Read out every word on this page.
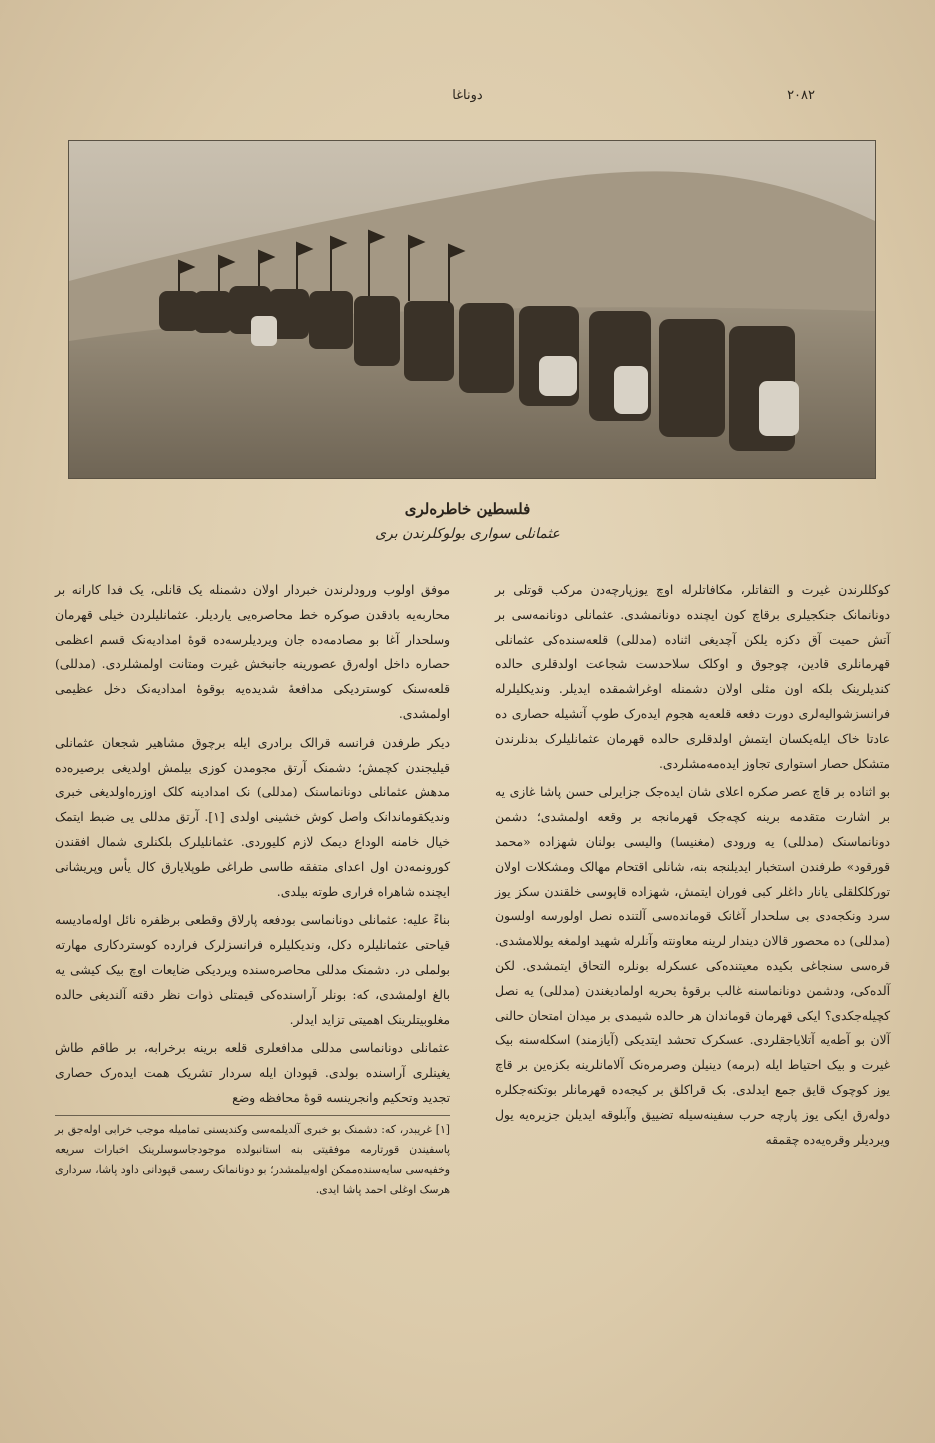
٢٠٨٢
دوناغا
فلسطين خاطرەلری
عثمانلی سواری بولوکلرندن بری

کوکللرندن غیرت و التفاتلر، مکافاتلرلە اوچ یوزپارچەدن مرکب قوتلی بر دونانمانک جنکجیلری برقاچ کون ایچندە دونانمشدی. عثمانلی دونانمەسی بر آتش حمیت آق دکزە یلکن آچدیغی اثنادە (مدللی) قلعەسندەکی عثمانلی قهرمانلری قادین، چوجوق و اوکلک سلاحدست شجاعت اولدقلری حالدە کندیلرینک بلکە اون مثلی اولان دشمنلە اوغراشمقدە ایدیلر. وندیکلیلرلە فرانسزشوالیەلری دورت دفعە قلعەیە هجوم ایدەرک طوپ آتشیلە حصاری دە عادتا خاک ایلەیکسان ایتمش اولدقلری حالدە قهرمان عثمانلیلرک بدنلرندن متشکل حصار استواری تجاوز ایدەمەمشلردی.

بو اثنادە بر قاچ عصر صکرە اعلای شان ایدەجک جزایرلی حسن پاشا غازی یە بر اشارت متقدمە برینە کچەجک قهرمانجە بر وقعە اولمشدی؛ دشمن دونانماسنک (مدللی) یە ورودی (مغنیسا) والیسی بولنان شهزادە «محمد قورقود» طرفندن استخبار ایدیلنجە بنە، شانلی اقتحام مهالک ومشکلات اولان تورکلکلقلی یانار داغلر کبی فوران ایتمش، شهزادە قاپوسی خلقندن سکز یوز سرد ونکجەدی بی سلحدار آغانک قوماندەسی آلتندە نصل اولورسە اولسون (مدللی) دە محصور قالان دیندار لرینە معاونتە وآنلرلە شهید اولمغە یوللامشدی. قرەسی سنجاغی بکیدە معیتندەکی عسکرلە بونلرە التحاق ایتمشدی. لکن آلدەکی، ودشمن دونانماسنە غالب برقوۀ بحریە اولمادیغندن (مدللی) یە نصل کچیلەجکدی؟ ایکی قهرمان قوماندان هر حالدە شیمدی بر میدان امتحان حالنی آلان بو آطەیە آتلایاجقلردی. عسکرک تحشد ایتدیکی (آیازمند) اسکلەسنە بیک غیرت و بیک احتیاط ایلە (برمە) دینیلن وصرمرەنک آلامانلرینە بکزەین بر قاچ یوز کوچوک قایق جمع ایدلدی. بک قراکلق بر کیجەدە قهرمانلر بوتکنەجکلرە دولەرق ایکی یوز پارچە حرب سفینەسیلە تضییق وآبلوقە ایدیلن جزیرەیە یول ویردیلر وقرەیەدە چقمقە

موفق اولوب ورودلرندن خبردار اولان دشمنلە یک قانلی، یک فدا کارانە بر محاربەیە بادقدن صوکرە خط محاصرەیی یاردیلر. عثمانلیلردن خیلی قهرمان وسلحدار آغا بو مصادمەدە جان ویردیلرسەدە قوۀ امدادیەنک قسم اعظمی حصارە داخل اولەرق عصورینە جانبخش غیرت ومتانت اولمشلردی. (مدللی) قلعەسنک کوستردیکی مدافعۀ شدیدەیە بوقوۀ امدادیەنک دخل عظیمی اولمشدی.

دیکر طرفدن فرانسە قرالک برادری ایلە برچوق مشاهیر شجعان عثمانلی قیلیجندن کچمش؛ دشمنک آرتق مجومدن کوزی بیلمش اولدیغی برصیرەدە مدهش عثمانلی دونانماسنک (مدللی) نک امدادینە کلک اوزرەاولدیغی خبری وندیکقوماندانک واصل کوش خشینی اولدی [١]. آرتق مدللی یی ضبط ایتمک خیال خامنە الوداع دیمک لازم کلیوردی. عثمانلیلرک بلکنلری شمال افقندن کورونمەدن اول اعدای متفقە طاسی طراغی طوپلایارق کال یأس وپریشانی ایچندە شاهراه فراری طوتە بیلدی.

بناءً علیە: عثمانلی دونانماسی بودفعە پارلاق وقطعی برظفرە نائل اولەمادیسە قیاحتی عثمانلیلرە دکل، وندیکلیلرە فرانسزلرک فراردە کوستردکاری مهارتە بولملی در. دشمنک مدللی محاصرەسندە ویردیکی ضایعات اوچ بیک کیشی یە بالغ اولمشدی، کە: بونلر آراسندەکی قیمتلی ذوات نظر دقتە آلندیغی حالدە مغلوبیتلرینک اهمیتی تزاید ایدلر.

عثمانلی دونانماسی مدللی مدافعلری قلعە برینە برخرابە، بر طاقم طاش یغینلری آراسندە بولدی. قپودان ایلە سردار تشریک همت ایدەرک حصاری تجدید وتحکیم وانجرینسە قوۀ محافظە وضع

[١] غریبدر، کە: دشمنک بو خبری آلدیلمەسی وکندیسنی تمامیلە موجب خرابی اولەجق بر پاسفیندن قورتارمە موفقیتی بنە استانبولدە موجودجاسوسلرینک اخبارات سریعە وخفیەسی سایەسندەممکن اولەبیلمشدر؛ بو دونانمانک رسمی قپودانی داود پاشا، سرداری هرسک اوغلی احمد پاشا ایدی.
